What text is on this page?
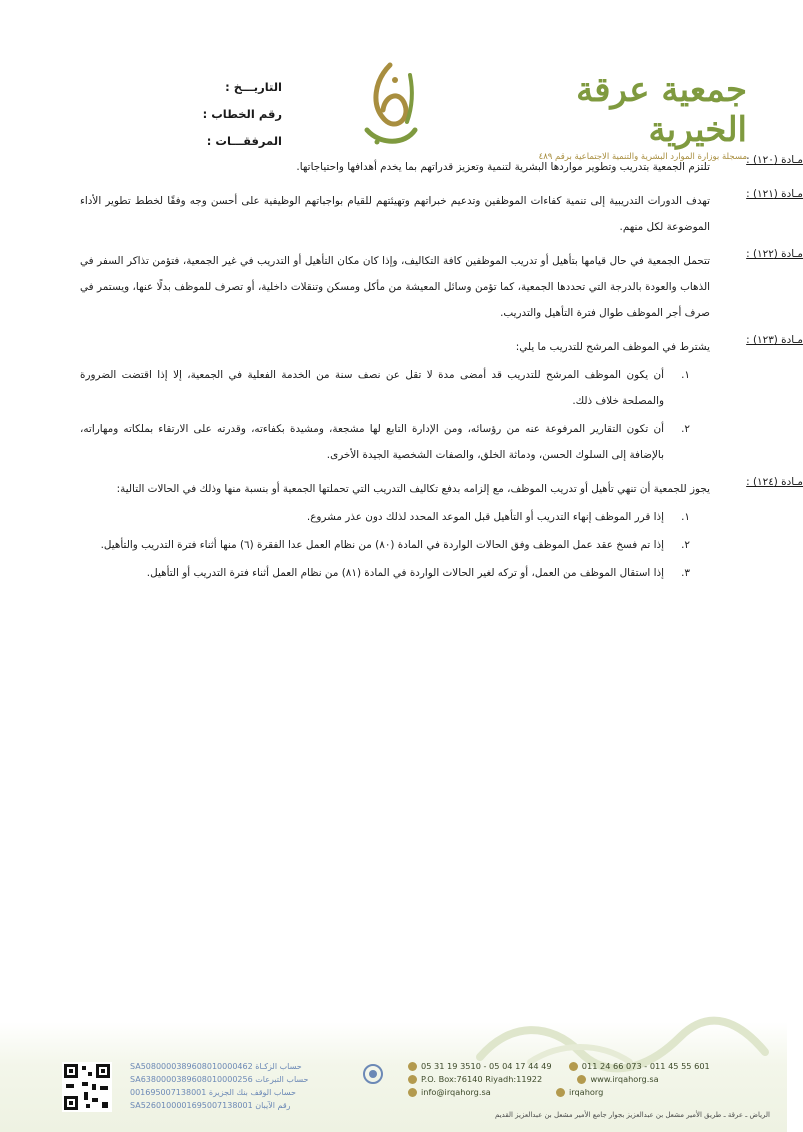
جمعية عرقة الخيرية
مسجلة بوزارة الموارد البشرية والتنمية الاجتماعية برقم ٤٨٩
التاريـــخ :
رقم الخطاب :
المرفقـــات :
مـادة (١٢٠) :
تلتزم الجمعية بتدريب وتطوير مواردها البشرية لتنمية وتعزيز قدراتهم بما يخدم أهدافها واحتياجاتها.
مـادة (١٢١) :
تهدف الدورات التدريبية إلى تنمية كفاءات الموظفين وتدعيم خبراتهم وتهيئتهم للقيام بواجباتهم الوظيفية على أحسن وجه وفقًا لخطط تطوير الأداء الموضوعة لكل منهم.
مـادة (١٢٢) :
تتحمل الجمعية في حال قيامها بتأهيل أو تدريب الموظفين كافة التكاليف، وإذا كان مكان التأهيل أو التدريب في غير الجمعية، فتؤمن تذاكر السفر في الذهاب والعودة بالدرجة التي تحددها الجمعية، كما تؤمن وسائل المعيشة من مأكل ومسكن وتنقلات داخلية، أو تصرف للموظف بدلًا عنها، ويستمر في صرف أجر الموظف طوال فترة التأهيل والتدريب.
مـادة (١٢٣) :
يشترط في الموظف المرشح للتدريب ما يلي:
١.
أن يكون الموظف المرشح للتدريب قد أمضى مدة لا تقل عن نصف سنة من الخدمة الفعلية في الجمعية، إلا إذا اقتضت الضرورة والمصلحة خلاف ذلك.
٢.
أن تكون التقارير المرفوعة عنه من رؤسائه، ومن الإدارة التابع لها مشجعة، ومشيدة بكفاءته، وقدرته على الارتقاء بملكاته ومهاراته، بالإضافة إلى السلوك الحسن، ودماثة الخلق، والصفات الشخصية الجيدة الأخرى.
مـادة (١٢٤) :
يجوز للجمعية أن تنهي تأهيل أو تدريب الموظف، مع إلزامه بدفع تكاليف التدريب التي تحملتها الجمعية أو بنسبة منها وذلك في الحالات التالية:
١.
إذا قرر الموظف إنهاء التدريب أو التأهيل قبل الموعد المحدد لذلك دون عذر مشروع.
٢.
إذا تم فسخ عقد عمل الموظف وفق الحالات الواردة في المادة (٨٠) من نظام العمل عدا الفقرة (٦) منها أثناء فترة التدريب والتأهيل.
٣.
إذا استقال الموظف من العمل، أو تركه لغير الحالات الواردة في المادة (٨١) من نظام العمل أثناء فترة التدريب أو التأهيل.
05 31 19 3510 - 05 04 17 44 49	011 24 66 073 - 011 45 55 601
P.O. Box:76140 Riyadh:11922	www.irqahorg.sa
info@irqahorg.sa	irqahorg
SA5080000389608010000462 حساب الزكـاة
SA6380000389608010000256 حساب التبرعات
001695007138001 حساب الوقف بنك الجزيرة
SA5260100001695007138001 رقم الآيبان
الرياض ـ عرقة ـ طريق الأمير مشعل بن عبدالعزيز بجوار جامع الأمير مشعل بن عبدالعزيز القديم
